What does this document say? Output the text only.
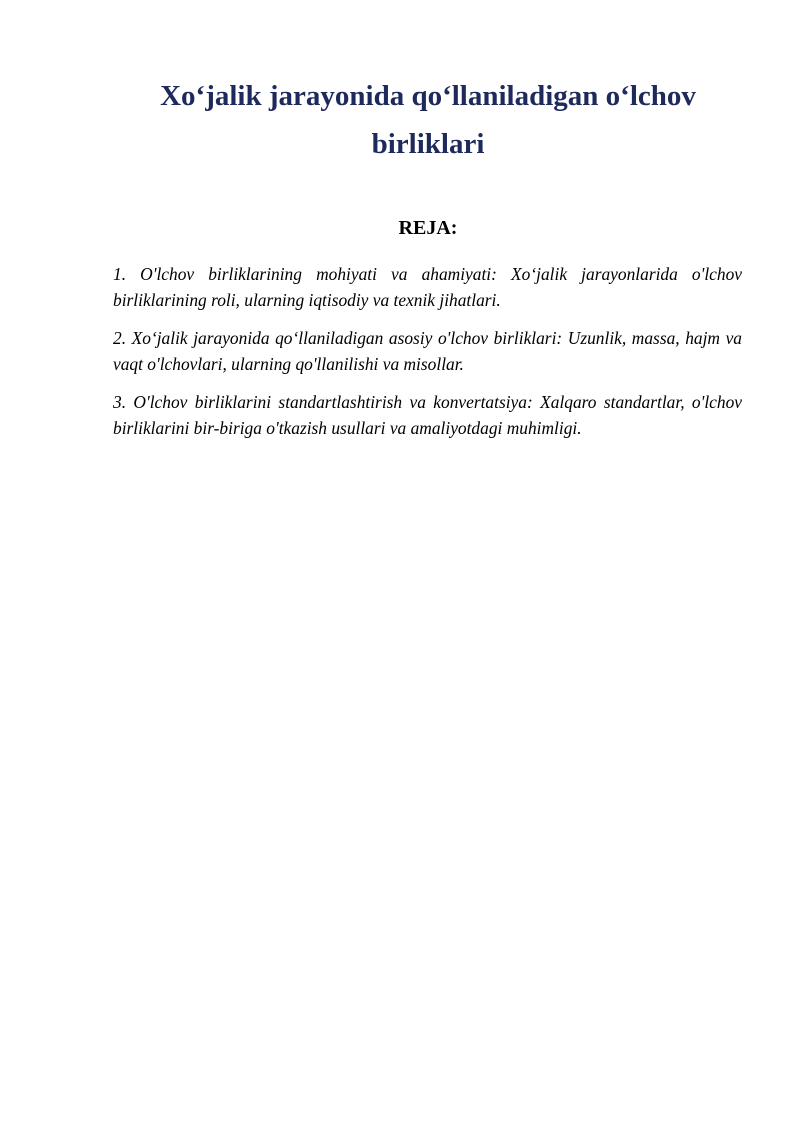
Xo‘jalik jarayonida qo‘llaniladigan o‘lchov birliklari
REJA:
1. O'lchov birliklarining mohiyati va ahamiyati: Xo‘jalik jarayonlarida o'lchov birliklarining roli, ularning iqtisodiy va texnik jihatlari.
2. Xo‘jalik jarayonida qo‘llaniladigan asosiy o'lchov birliklari: Uzunlik, massa, hajm va vaqt o'lchovlari, ularning qo'llanilishi va misollar.
3. O'lchov birliklarini standartlashtirish va konvertatsiya: Xalqaro standartlar, o'lchov birliklarini bir-biriga o'tkazish usullari va amaliyotdagi muhimligi.
